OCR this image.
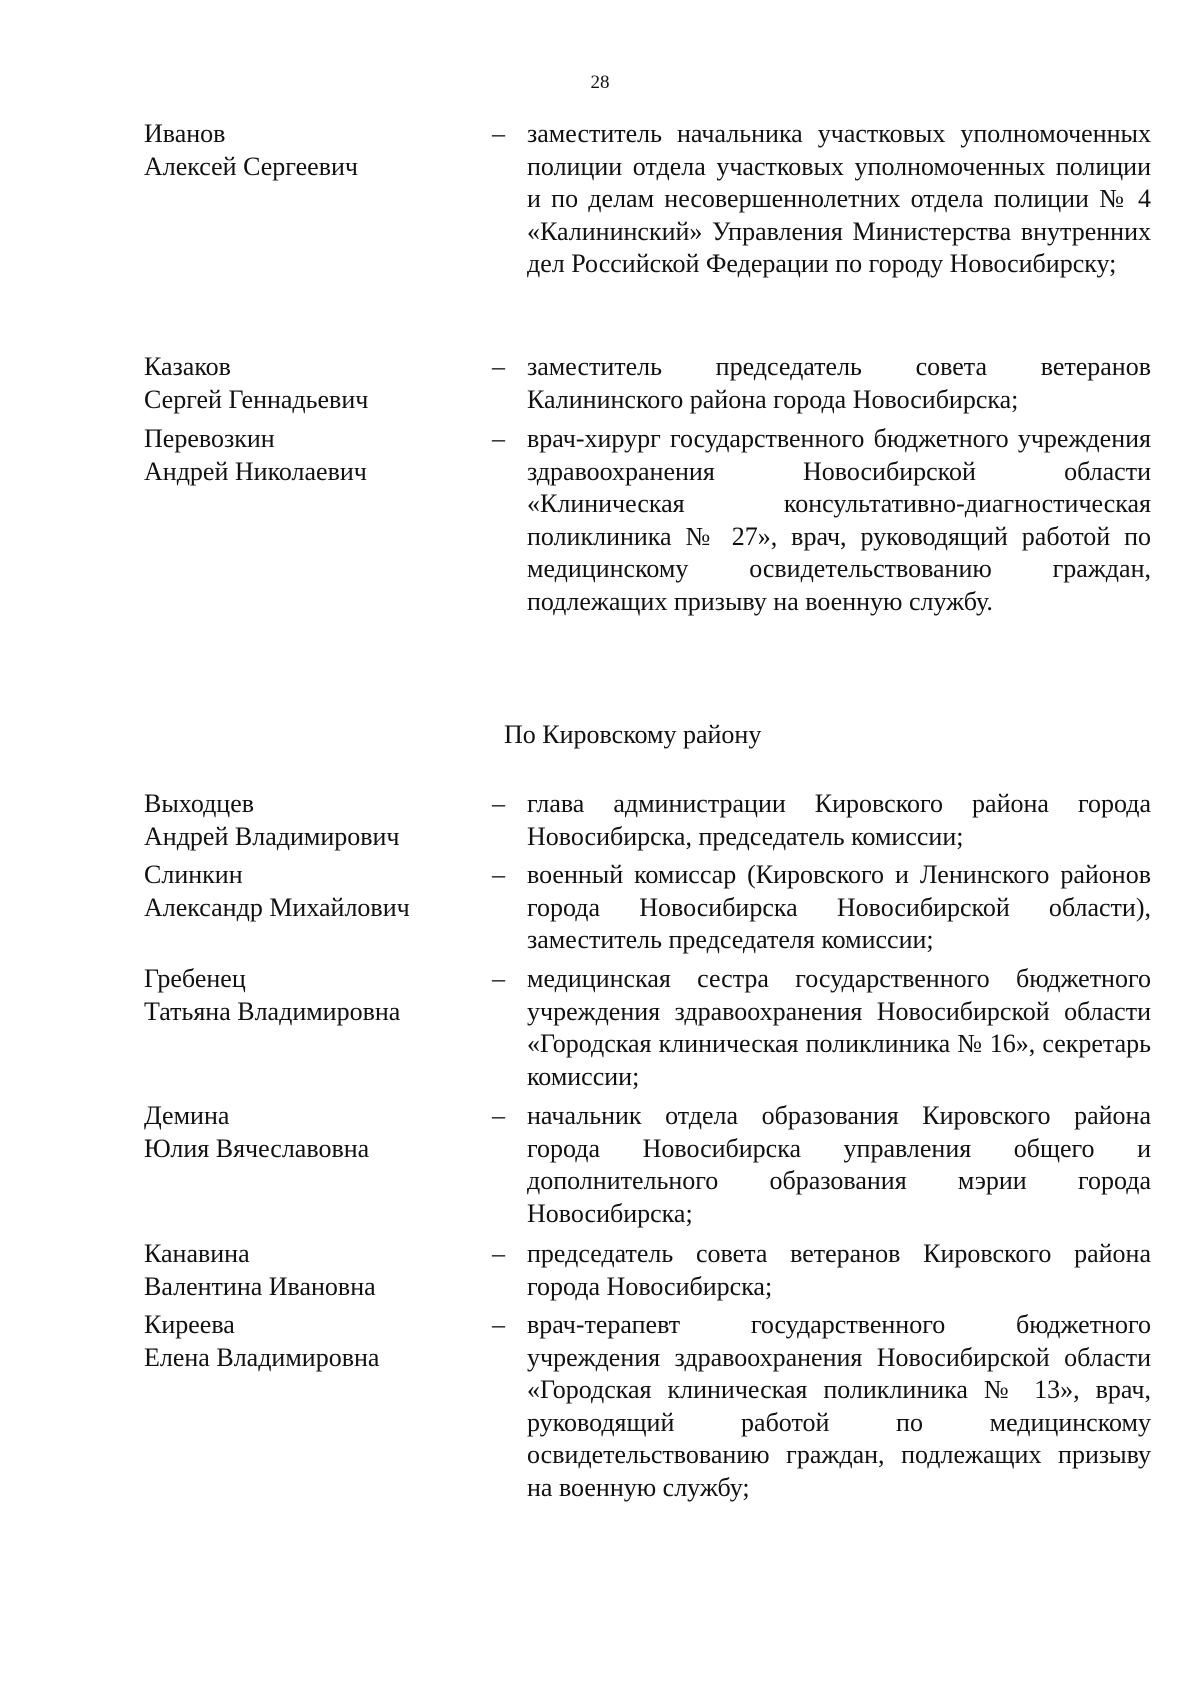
28
Иванов
Алексей Сергеевич
– заместитель начальника участковых уполномоченных полиции отдела участковых уполномоченных полиции и по делам несовершеннолетних отдела полиции № 4 «Калининский» Управления Министерства внутренних дел Российской Федерации по городу Новосибирску;
Казаков
Сергей Геннадьевич
– заместитель председатель совета ветеранов Калининского района города Новосибирска;
Перевозкин
Андрей Николаевич
– врач-хирург государственного бюджетного учреждения здравоохранения Новосибирской области «Клиническая консультативно-диагностическая поликлиника № 27», врач, руководящий работой по медицинскому освидетельствованию граждан, подлежащих призыву на военную службу.
По Кировскому району
Выходцев
Андрей Владимирович
– глава администрации Кировского района города Новосибирска, председатель комиссии;
Слинкин
Александр Михайлович
– военный комиссар (Кировского и Ленинского районов города Новосибирска Новосибирской области), заместитель председателя комиссии;
Гребенец
Татьяна Владимировна
– медицинская сестра государственного бюджетного учреждения здравоохранения Новосибирской области «Городская клиническая поликлиника № 16», секретарь комиссии;
Демина
Юлия Вячеславовна
– начальник отдела образования Кировского района города Новосибирска управления общего и дополнительного образования мэрии города Новосибирска;
Канавина
Валентина Ивановна
– председатель совета ветеранов Кировского района города Новосибирска;
Киреева
Елена Владимировна
– врач-терапевт государственного бюджетного учреждения здравоохранения Новосибирской области «Городская клиническая поликлиника № 13», врач, руководящий работой по медицинскому освидетельствованию граждан, подлежащих призыву на военную службу;
